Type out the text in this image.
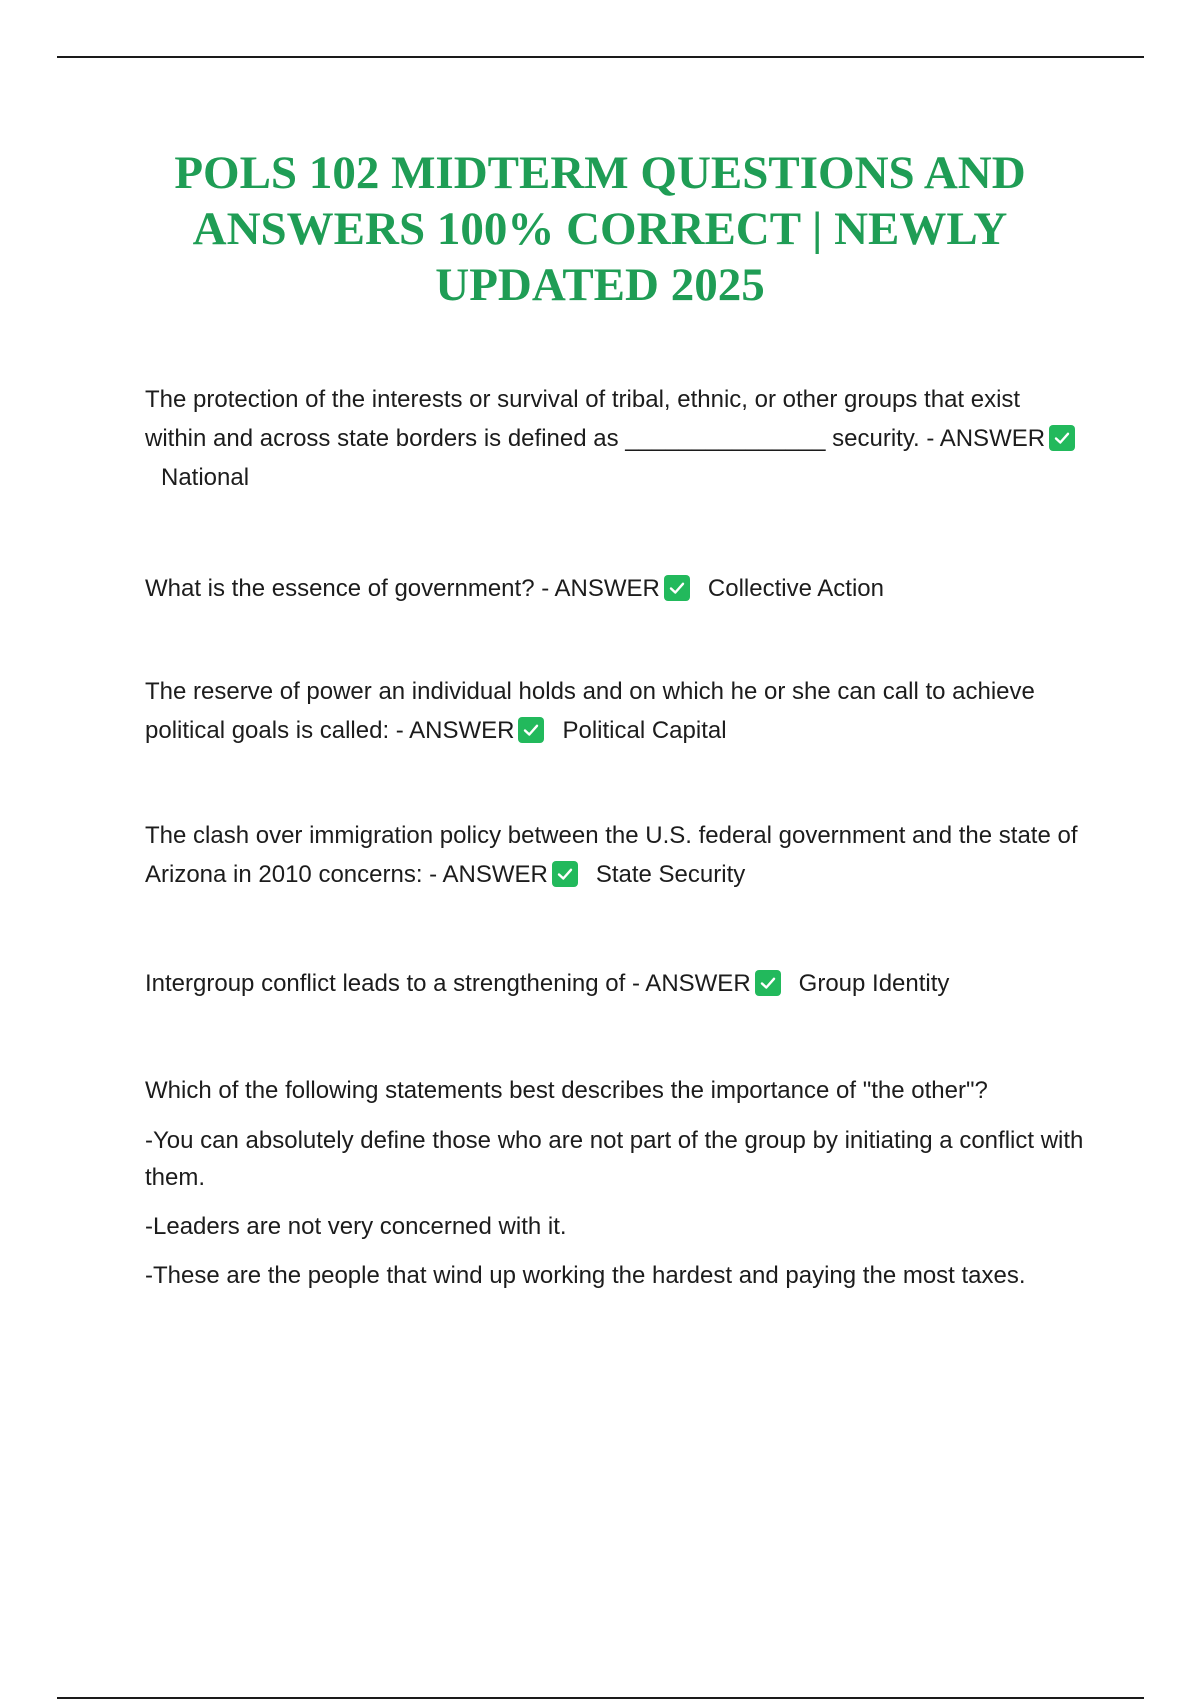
POLS 102 MIDTERM QUESTIONS AND ANSWERS 100% CORRECT | NEWLY UPDATED 2025

The protection of the interests or survival of tribal, ethnic, or other groups that exist within and across state borders is defined as _______________ security. - ANSWER
National

What is the essence of government? - ANSWER Collective Action

The reserve of power an individual holds and on which he or she can call to achieve political goals is called: - ANSWER Political Capital

The clash over immigration policy between the U.S. federal government and the state of Arizona in 2010 concerns: - ANSWER State Security

Intergroup conflict leads to a strengthening of - ANSWER Group Identity

Which of the following statements best describes the importance of "the other"?

-You can absolutely define those who are not part of the group by initiating a conflict with them.

-Leaders are not very concerned with it.

-These are the people that wind up working the hardest and paying the most taxes.
